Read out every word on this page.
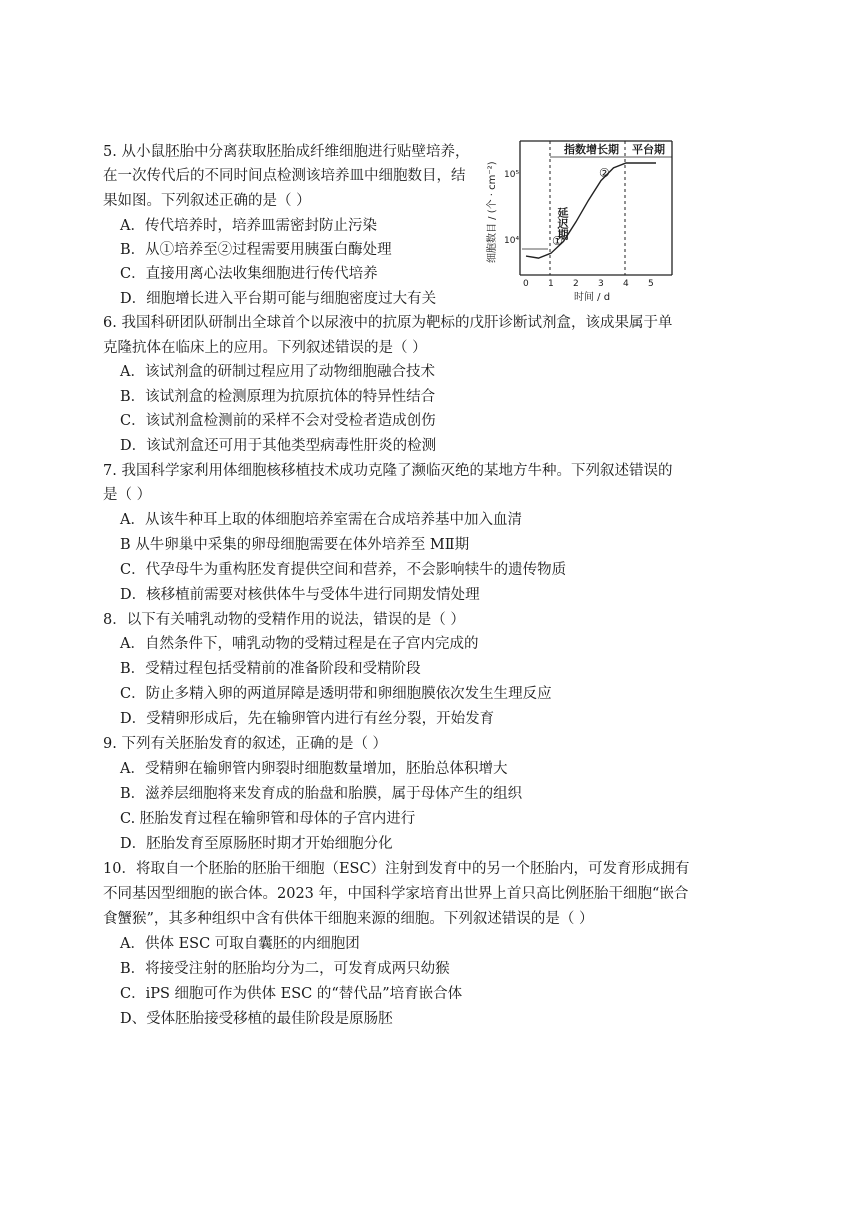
5. 从小鼠胚胎中分离获取胚胎成纤维细胞进行贴壁培养，
在一次传代后的不同时间点检测该培养皿中细胞数目，结
果如图。下列叙述正确的是（ ）
A．传代培养时，培养皿需密封防止污染
B．从①培养至②过程需要用胰蛋白酶处理
C．直接用离心法收集细胞进行传代培养
D．细胞增长进入平台期可能与细胞密度过大有关
细胞数目 / (个 · cm⁻²)
指数增长期 平台期
延迟期
10⁵
10⁴
时间 / d
0 1 2 3 4 5
①
②
6. 我国科研团队研制出全球首个以尿液中的抗原为靶标的戊肝诊断试剂盒，该成果属于单
克隆抗体在临床上的应用。下列叙述错误的是（ ）
A．该试剂盒的研制过程应用了动物细胞融合技术
B．该试剂盒的检测原理为抗原抗体的特异性结合
C．该试剂盒检测前的采样不会对受检者造成创伤
D．该试剂盒还可用于其他类型病毒性肝炎的检测
7. 我国科学家利用体细胞核移植技术成功克隆了濒临灭绝的某地方牛种。下列叙述错误的
是（ ）
A．从该牛种耳上取的体细胞培养室需在合成培养基中加入血清
B 从牛卵巢中采集的卵母细胞需要在体外培养至 MⅡ期
C．代孕母牛为重构胚发育提供空间和营养，不会影响犊牛的遗传物质
D．核移植前需要对核供体牛与受体牛进行同期发情处理
8．以下有关哺乳动物的受精作用的说法，错误的是（ ）
A．自然条件下，哺乳动物的受精过程是在子宫内完成的
B．受精过程包括受精前的准备阶段和受精阶段
C．防止多精入卵的两道屏障是透明带和卵细胞膜依次发生生理反应
D．受精卵形成后，先在输卵管内进行有丝分裂，开始发育
9. 下列有关胚胎发育的叙述，正确的是（ ）
A．受精卵在输卵管内卵裂时细胞数量增加，胚胎总体积增大
B．滋养层细胞将来发育成的胎盘和胎膜，属于母体产生的组织
C. 胚胎发育过程在输卵管和母体的子宫内进行
D．胚胎发育至原肠胚时期才开始细胞分化
10．将取自一个胚胎的胚胎干细胞（ESC）注射到发育中的另一个胚胎内，可发育形成拥有
不同基因型细胞的嵌合体。2023 年，中国科学家培育出世界上首只高比例胚胎干细胞“嵌合
食蟹猴”，其多种组织中含有供体干细胞来源的细胞。下列叙述错误的是（ ）
A．供体 ESC 可取自囊胚的内细胞团
B．将接受注射的胚胎均分为二，可发育成两只幼猴
C．iPS 细胞可作为供体 ESC 的“替代品”培育嵌合体
D、受体胚胎接受移植的最佳阶段是原肠胚
